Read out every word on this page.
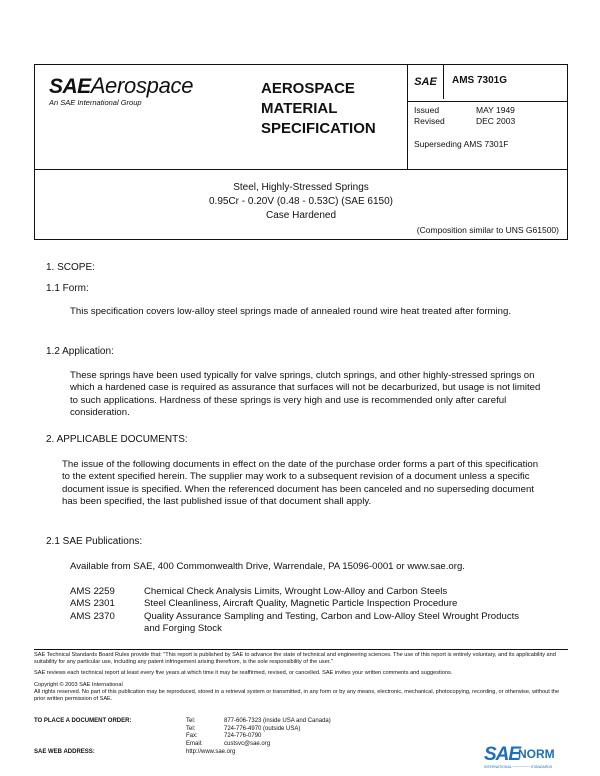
SAEAerospace
An SAE International Group
AEROSPACE
MATERIAL
SPECIFICATION
SAE	AMS 7301G
Issued	MAY 1949
Revised	DEC 2003
Superseding AMS 7301F
Steel, Highly-Stressed Springs
0.95Cr - 0.20V (0.48 - 0.53C) (SAE 6150)
Case Hardened
(Composition similar to UNS G61500)
1. SCOPE:
1.1 Form:
This specification covers low-alloy steel springs made of annealed round wire heat treated after forming.
1.2 Application:
These springs have been used typically for valve springs, clutch springs, and other highly-stressed springs on which a hardened case is required as assurance that surfaces will not be decarburized, but usage is not limited to such applications. Hardness of these springs is very high and use is recommended only after careful consideration.
2. APPLICABLE DOCUMENTS:
The issue of the following documents in effect on the date of the purchase order forms a part of this specification to the extent specified herein. The supplier may work to a subsequent revision of a document unless a specific document issue is specified. When the referenced document has been canceled and no superseding document has been specified, the last published issue of that document shall apply.
2.1 SAE Publications:
Available from SAE, 400 Commonwealth Drive, Warrendale, PA 15096-0001 or www.sae.org.
AMS 2259	Chemical Check Analysis Limits, Wrought Low-Alloy and Carbon Steels
AMS 2301	Steel Cleanliness, Aircraft Quality, Magnetic Particle Inspection Procedure
AMS 2370	Quality Assurance Sampling and Testing, Carbon and Low-Alloy Steel Wrought Products and Forging Stock
SAE Technical Standards Board Rules provide that: "This report is published by SAE to advance the state of technical and engineering sciences. The use of this report is entirely voluntary, and its applicability and suitability for any particular use, including any patent infringement arising therefrom, is the sole responsibility of the user."
SAE reviews each technical report at least every five years at which time it may be reaffirmed, revised, or cancelled. SAE invites your written comments and suggestions.
Copyright © 2003 SAE International
All rights reserved. No part of this publication may be reproduced, stored in a retrieval system or transmitted, in any form or by any means, electronic, mechanical, photocopying, recording, or otherwise, without the prior written permission of SAE.
TO PLACE A DOCUMENT ORDER:	Tel:	877-606-7323 (inside USA and Canada)
Tel:	724-776-4970 (outside USA)
Fax:	724-776-0790
Email:	custsvc@sae.org
SAE WEB ADDRESS:	http://www.sae.org	SAE
NORM
INTERNATIONAL ─────── STANDARDS
